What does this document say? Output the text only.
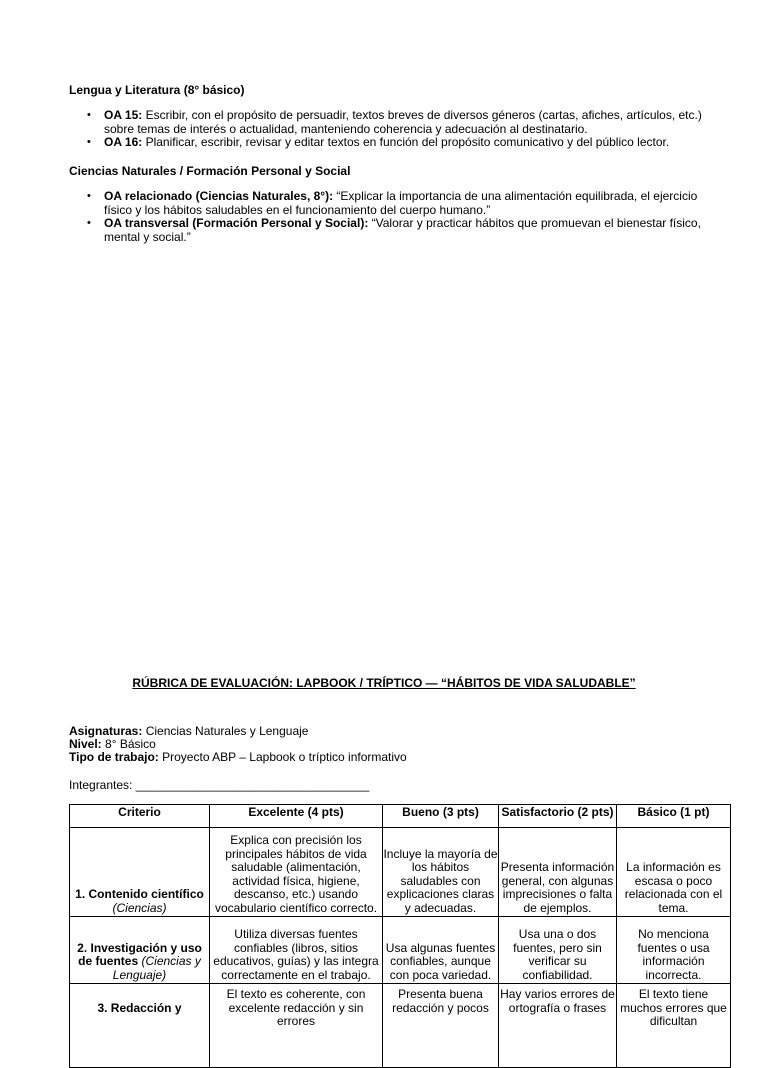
Lengua y Literatura (8° básico)
• OA 15: Escribir, con el propósito de persuadir, textos breves de diversos géneros (cartas, afiches, artículos, etc.) sobre temas de interés o actualidad, manteniendo coherencia y adecuación al destinatario.
• OA 16: Planificar, escribir, revisar y editar textos en función del propósito comunicativo y del público lector.
Ciencias Naturales / Formación Personal y Social
• OA relacionado (Ciencias Naturales, 8°): “Explicar la importancia de una alimentación equilibrada, el ejercicio físico y los hábitos saludables en el funcionamiento del cuerpo humano.”
• OA transversal (Formación Personal y Social): “Valorar y practicar hábitos que promuevan el bienestar físico, mental y social.”
RÚBRICA DE EVALUACIÓN: LAPBOOK / TRÍPTICO — “HÁBITOS DE VIDA SALUDABLE”
Asignaturas: Ciencias Naturales y Lenguaje
Nivel: 8° Básico
Tipo de trabajo: Proyecto ABP – Lapbook o tríptico informativo
Integrantes: ___________________________________
Criterio	Excelente (4 pts)	Bueno (3 pts)	Satisfactorio (2 pts)	Básico (1 pt)
1. Contenido científico (Ciencias)	Explica con precisión los principales hábitos de vida saludable (alimentación, actividad física, higiene, descanso, etc.) usando vocabulario científico correcto.	Incluye la mayoría de los hábitos saludables con explicaciones claras y adecuadas.	Presenta información general, con algunas imprecisiones o falta de ejemplos.	La información es escasa o poco relacionada con el tema.
2. Investigación y uso de fuentes (Ciencias y Lenguaje)	Utiliza diversas fuentes confiables (libros, sitios educativos, guías) y las integra correctamente en el trabajo.	Usa algunas fuentes confiables, aunque con poca variedad.	Usa una o dos fuentes, pero sin verificar su confiabilidad.	No menciona fuentes o usa información incorrecta.
3. Redacción y	El texto es coherente, con excelente redacción y sin errores	Presenta buena redacción y pocos	Hay varios errores de ortografía o frases	El texto tiene muchos errores que dificultan
